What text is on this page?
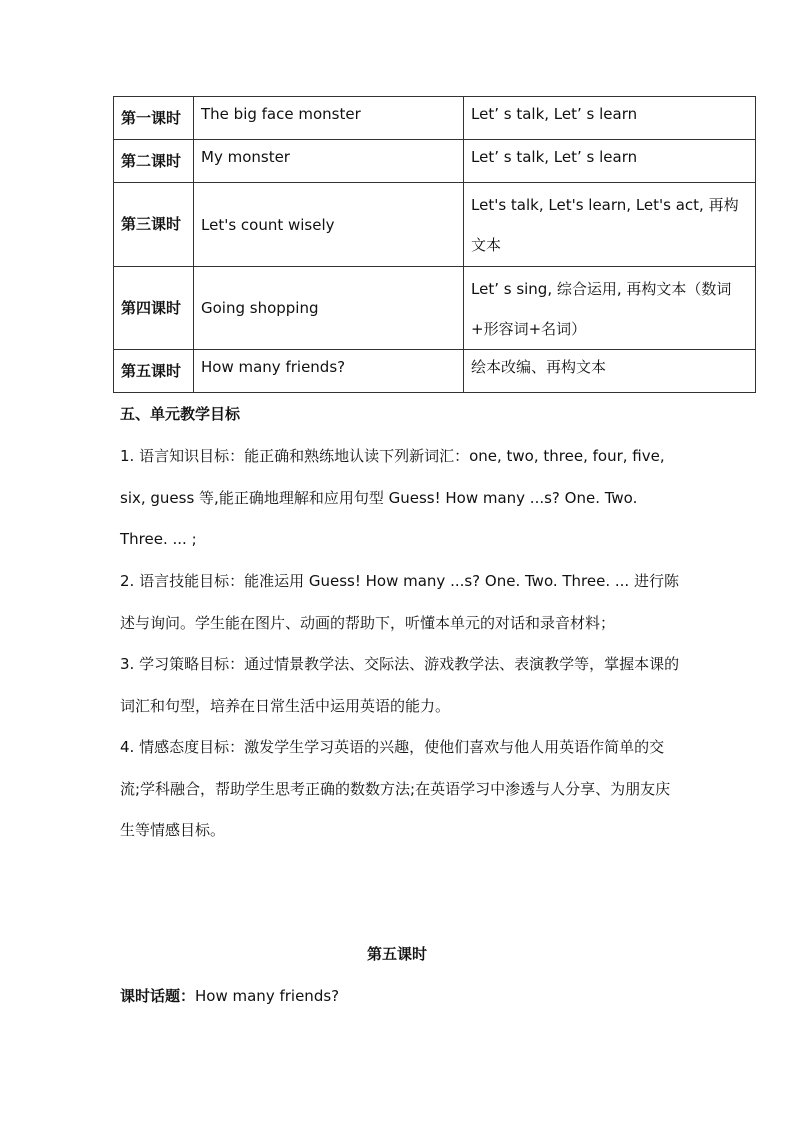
第一课时	The big face monster	Let’ s talk, Let’ s learn
第二课时	My monster	Let’ s talk, Let’ s learn
第三课时	Let's count wisely	Let's talk, Let's learn, Let's act, 再构文本
第四课时	Going shopping	Let’ s sing, 综合运用, 再构文本（数词+形容词+名词）
第五课时	How many friends?	绘本改编、再构文本
五、单元教学目标
1. 语言知识目标：能正确和熟练地认读下列新词汇：one, two, three, four, five, six, guess 等,能正确地理解和应用句型 Guess! How many ...s? One. Two. Three. ... ;
2. 语言技能目标：能准运用 Guess! How many ...s? One. Two. Three. ... 进行陈述与询问。学生能在图片、动画的帮助下，听懂本单元的对话和录音材料；
3. 学习策略目标：通过情景教学法、交际法、游戏教学法、表演教学等，掌握本课的词汇和句型，培养在日常生活中运用英语的能力。
4. 情感态度目标：激发学生学习英语的兴趣，使他们喜欢与他人用英语作简单的交流;学科融合，帮助学生思考正确的数数方法;在英语学习中渗透与人分享、为朋友庆生等情感目标。
第五课时
课时话题：How many friends?
